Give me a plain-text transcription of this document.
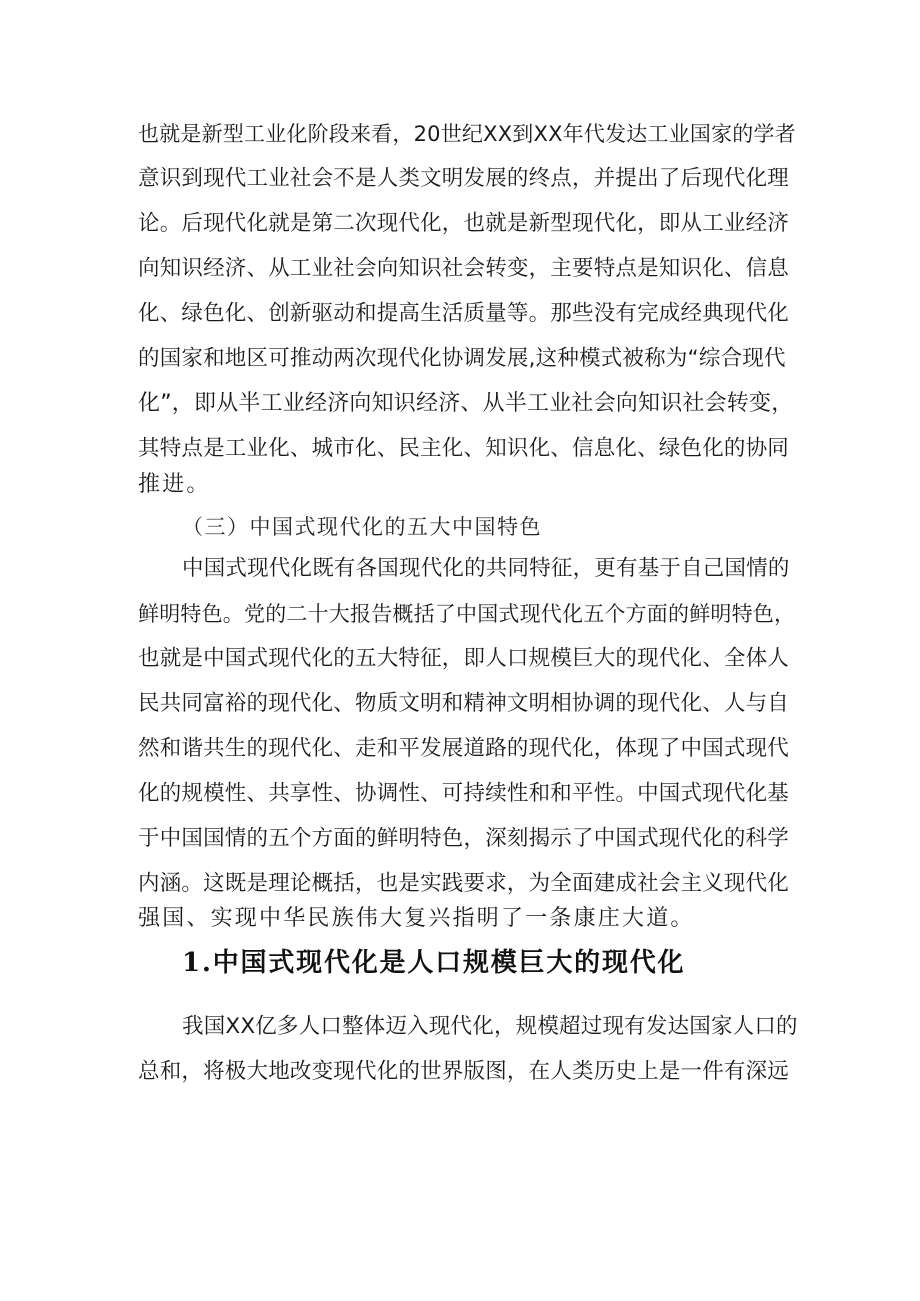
也就是新型工业化阶段来看，20世纪XX到XX年代发达工业国家的学者
意识到现代工业社会不是人类文明发展的终点，并提出了后现代化理
论。后现代化就是第二次现代化，也就是新型现代化，即从工业经济
向知识经济、从工业社会向知识社会转变，主要特点是知识化、信息
化、绿色化、创新驱动和提高生活质量等。那些没有完成经典现代化
的国家和地区可推动两次现代化协调发展,这种模式被称为“综合现代
化”，即从半工业经济向知识经济、从半工业社会向知识社会转变，
其特点是工业化、城市化、民主化、知识化、信息化、绿色化的协同
推进。
（三）中国式现代化的五大中国特色
中国式现代化既有各国现代化的共同特征，更有基于自己国情的
鲜明特色。党的二十大报告概括了中国式现代化五个方面的鲜明特色，
也就是中国式现代化的五大特征，即人口规模巨大的现代化、全体人
民共同富裕的现代化、物质文明和精神文明相协调的现代化、人与自
然和谐共生的现代化、走和平发展道路的现代化，体现了中国式现代
化的规模性、共享性、协调性、可持续性和和平性。中国式现代化基
于中国国情的五个方面的鲜明特色，深刻揭示了中国式现代化的科学
内涵。这既是理论概括，也是实践要求，为全面建成社会主义现代化
强国、实现中华民族伟大复兴指明了一条康庄大道。
1.中国式现代化是人口规模巨大的现代化
我国XX亿多人口整体迈入现代化，规模超过现有发达国家人口的
总和，将极大地改变现代化的世界版图，在人类历史上是一件有深远
